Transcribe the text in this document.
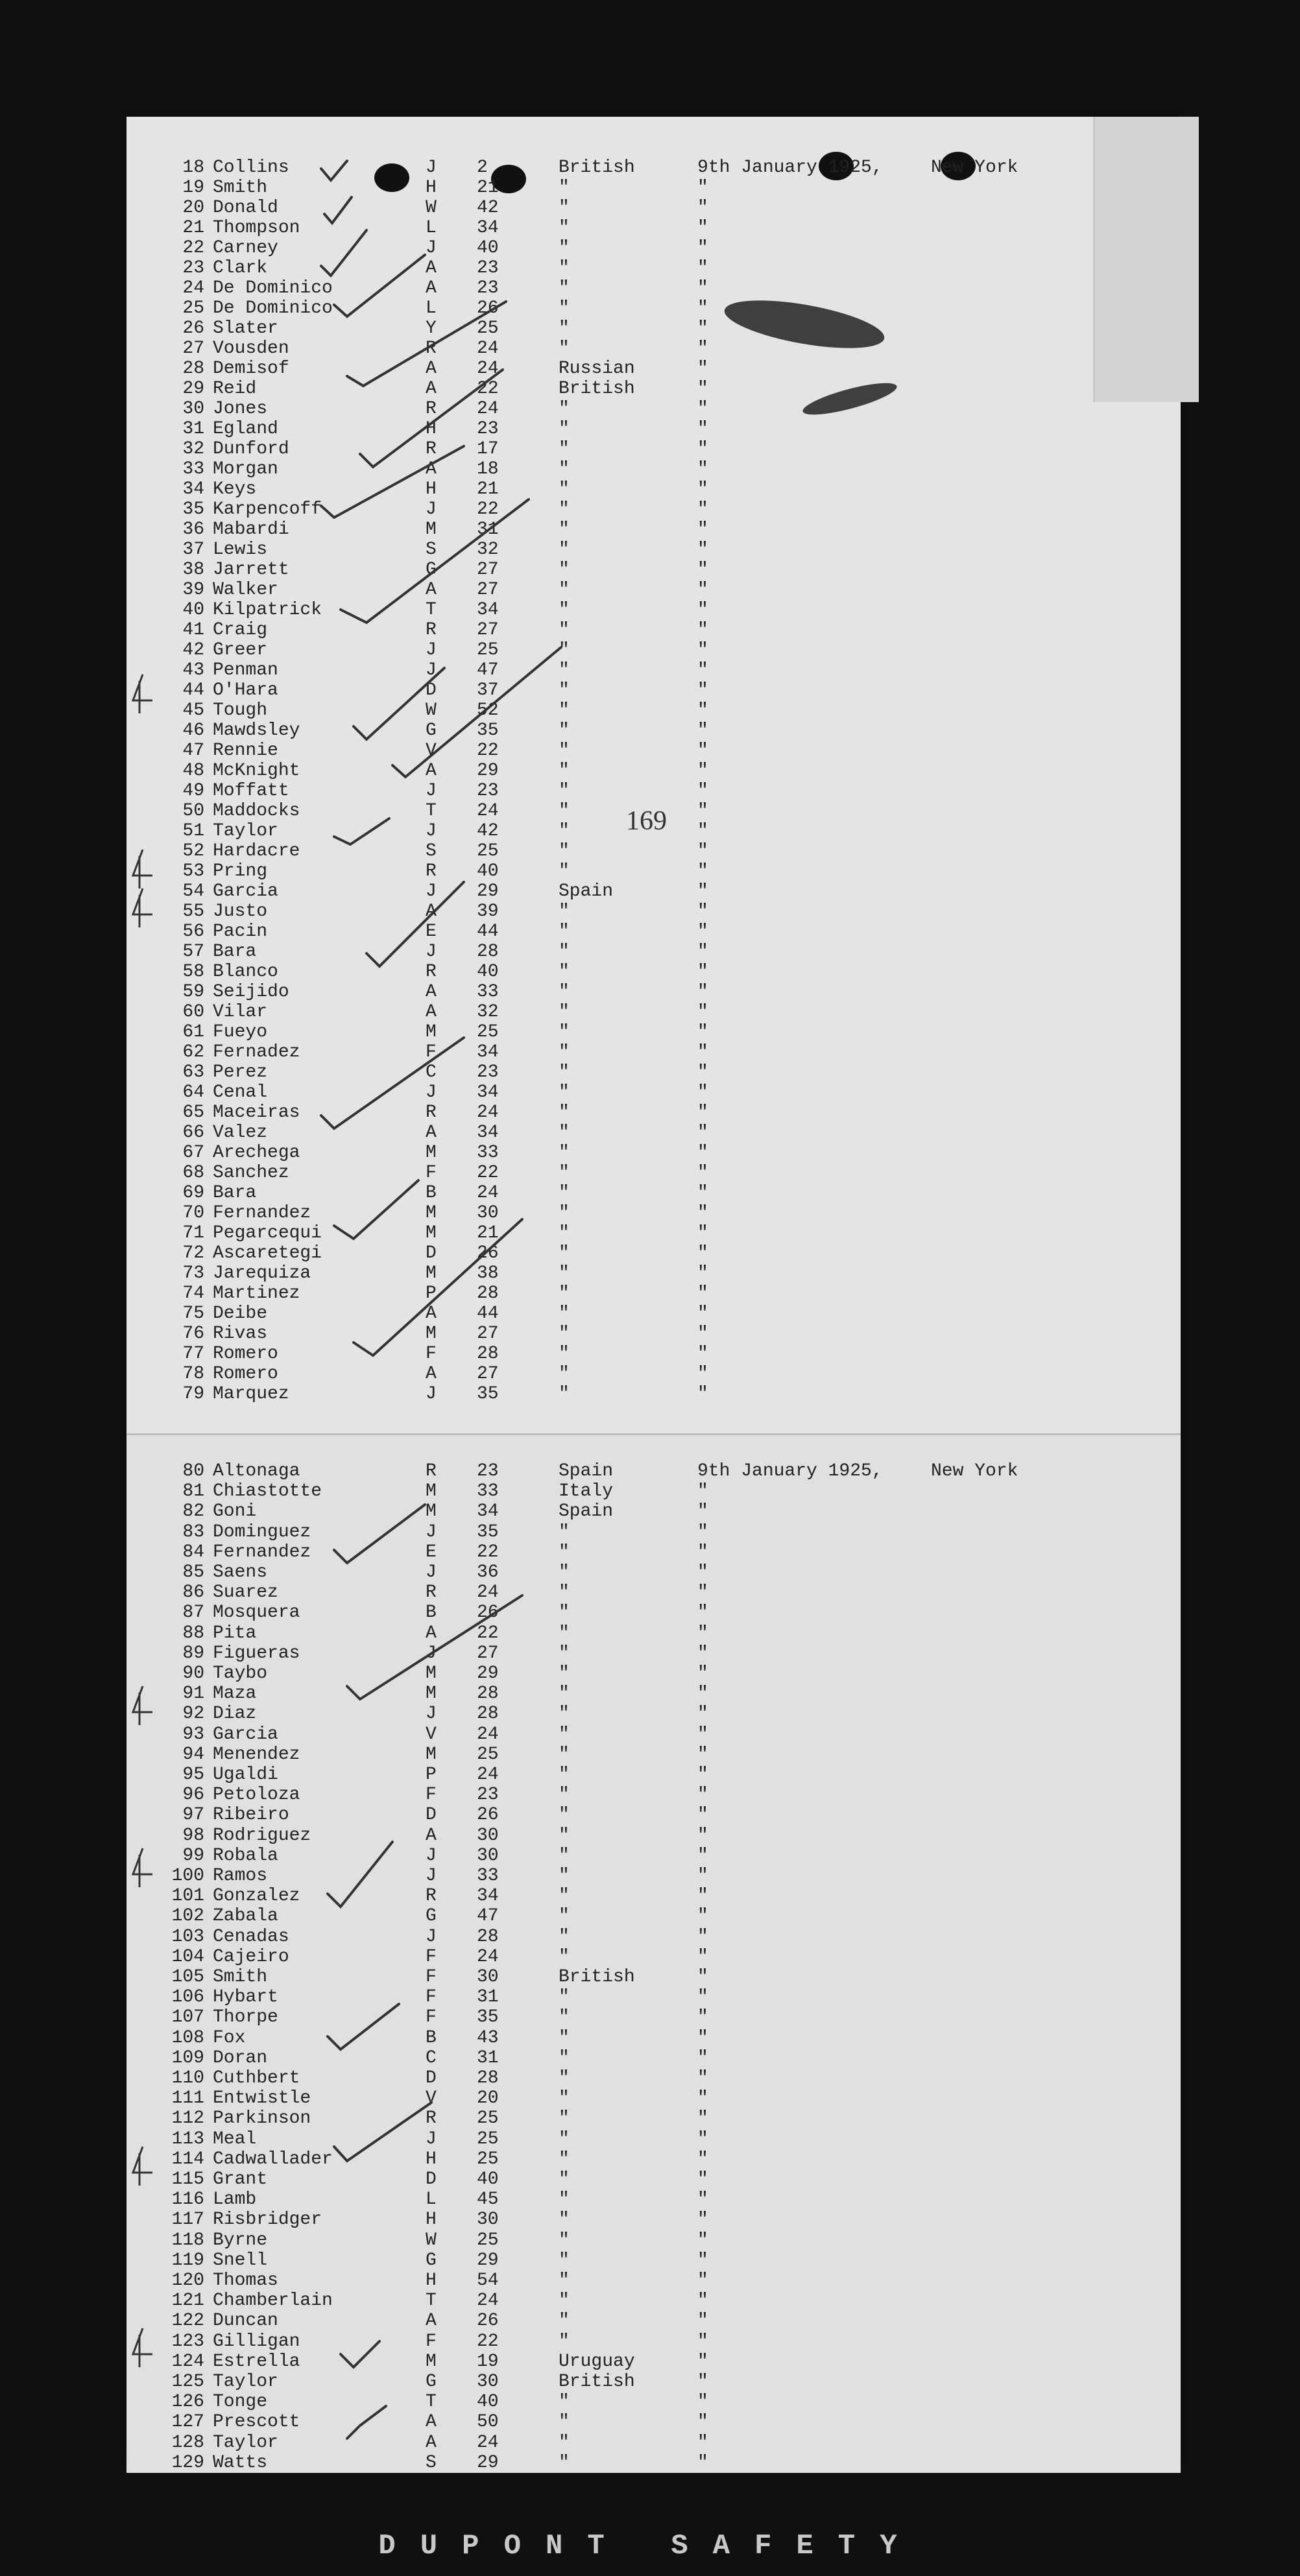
169
18 Collins	J 2	British	9th January 1925,	New York
19 Smith	H 21	"	"
20 Donald	W 42	"	"
21 Thompson	L 34	"	"
22 Carney	J 40	"	"
23 Clark	A 23	"	"
24 De Dominico	A 23	"	"
25 De Dominico	L 26	"	"
26 Slater	Y 25	"	"
27 Vousden	R 24	"	"
28 Demisof	A 24	Russian	"
29 Reid	A 22	British	"
30 Jones	R 24	"	"
31 Egland	H 23	"	"
32 Dunford	R 17	"	"
33 Morgan	A 18	"	"
34 Keys	H 21	"	"
35 Karpencoff	J 22	"	"
36 Mabardi	M 31	"	"
37 Lewis	S 32	"	"
38 Jarrett	G 27	"	"
39 Walker	A 27	"	"
40 Kilpatrick	T 34	"	"
41 Craig	R 27	"	"
42 Greer	J 25	"	"
43 Penman	J 47	"	"
44 O'Hara	D 37	"	"
45 Tough	W 52	"	"
46 Mawdsley	G 35	"	"
47 Rennie	V 22	"	"
48 McKnight	A 29	"	"
49 Moffatt	J 23	"	"
50 Maddocks	T 24	"	"
51 Taylor	J 42	"	"
52 Hardacre	S 25	"	"
53 Pring	R 40	"	"
54 Garcia	J 29	Spain	"
55 Justo	A 39	"	"
56 Pacin	E 44	"	"
57 Bara	J 28	"	"
58 Blanco	R 40	"	"
59 Seijido	A 33	"	"
60 Vilar	A 32	"	"
61 Fueyo	M 25	"	"
62 Fernadez	F 34	"	"
63 Perez	C 23	"	"
64 Cenal	J 34	"	"
65 Maceiras	R 24	"	"
66 Valez	A 34	"	"
67 Arechega	M 33	"	"
68 Sanchez	F 22	"	"
69 Bara	B 24	"	"
70 Fernandez	M 30	"	"
71 Pegarcequi	M 21	"	"
72 Ascaretegi	D 26	"	"
73 Jarequiza	M 38	"	"
74 Martinez	P 28	"	"
75 Deibe	A 44	"	"
76 Rivas	M 27	"	"
77 Romero	F 28	"	"
78 Romero	A 27	"	"
79 Marquez	J 35	"	"
80 Altonaga	R 23	Spain	9th January 1925,	New York
81 Chiastotte	M 33	Italy	"
82 Goni	M 34	Spain	"
83 Dominguez	J 35	"	"
84 Fernandez	E 22	"	"
85 Saens	J 36	"	"
86 Suarez	R 24	"	"
87 Mosquera	B 26	"	"
88 Pita	A 22	"	"
89 Figueras	J 27	"	"
90 Taybo	M 29	"	"
91 Maza	M 28	"	"
92 Diaz	J 28	"	"
93 Garcia	V 24	"	"
94 Menendez	M 25	"	"
95 Ugaldi	P 24	"	"
96 Petoloza	F 23	"	"
97 Ribeiro	D 26	"	"
98 Rodriguez	A 30	"	"
99 Robala	J 30	"	"
100 Ramos	J 33	"	"
101 Gonzalez	R 34	"	"
102 Zabala	G 47	"	"
103 Cenadas	J 28	"	"
104 Cajeiro	F 24	"	"
105 Smith	F 30	British	"
106 Hybart	F 31	"	"
107 Thorpe	F 35	"	"
108 Fox	B 43	"	"
109 Doran	C 31	"	"
110 Cuthbert	D 28	"	"
111 Entwistle	V 20	"	"
112 Parkinson	R 25	"	"
113 Meal	J 25	"	"
114 Cadwallader	H 25	"	"
115 Grant	D 40	"	"
116 Lamb	L 45	"	"
117 Risbridger	H 30	"	"
118 Byrne	W 25	"	"
119 Snell	G 29	"	"
120 Thomas	H 54	"	"
121 Chamberlain	T 24	"	"
122 Duncan	A 26	"	"
123 Gilligan	F 22	"	"
124 Estrella	M 19	Uruguay	"
125 Taylor	G 30	British	"
126 Tonge	T 40	"	"
127 Prescott	A 50	"	"
128 Taylor	A 24	"	"
129 Watts	S 29	"	"
DUPONT SAFETY
